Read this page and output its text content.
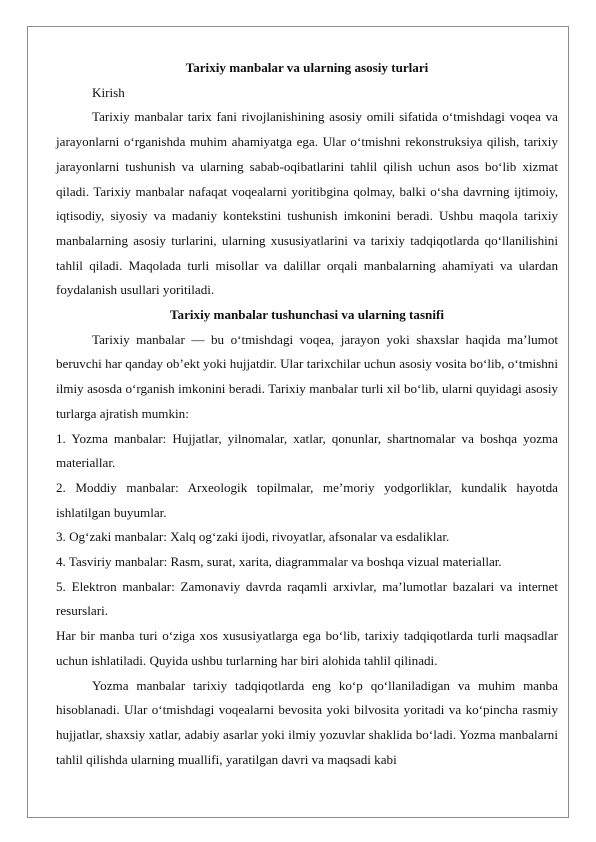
Tarixiy manbalar va ularning asosiy turlari

Kirish

Tarixiy manbalar tarix fani rivojlanishining asosiy omili sifatida o‘tmishdagi voqea va jarayonlarni o‘rganishda muhim ahamiyatga ega. Ular o‘tmishni rekonstruksiya qilish, tarixiy jarayonlarni tushunish va ularning sabab-oqibatlarini tahlil qilish uchun asos bo‘lib xizmat qiladi. Tarixiy manbalar nafaqat voqealarni yoritibgina qolmay, balki o‘sha davrning ijtimoiy, iqtisodiy, siyosiy va madaniy kontekstini tushunish imkonini beradi. Ushbu maqola tarixiy manbalarning asosiy turlarini, ularning xususiyatlarini va tarixiy tadqiqotlarda qo‘llanilishini tahlil qiladi. Maqolada turli misollar va dalillar orqali manbalarning ahamiyati va ulardan foydalanish usullari yoritiladi.

Tarixiy manbalar tushunchasi va ularning tasnifi

Tarixiy manbalar — bu o‘tmishdagi voqea, jarayon yoki shaxslar haqida ma’lumot beruvchi har qanday ob’ekt yoki hujjatdir. Ular tarixchilar uchun asosiy vosita bo‘lib, o‘tmishni ilmiy asosda o‘rganish imkonini beradi. Tarixiy manbalar turli xil bo‘lib, ularni quyidagi asosiy turlarga ajratish mumkin:

1. Yozma manbalar: Hujjatlar, yilnomalar, xatlar, qonunlar, shartnomalar va boshqa yozma materiallar.

2. Moddiy manbalar: Arxeologik topilmalar, me’moriy yodgorliklar, kundalik hayotda ishlatilgan buyumlar.

3. Og‘zaki manbalar: Xalq og‘zaki ijodi, rivoyatlar, afsonalar va esdaliklar.

4. Tasviriy manbalar: Rasm, surat, xarita, diagrammalar va boshqa vizual materiallar.

5. Elektron manbalar: Zamonaviy davrda raqamli arxivlar, ma’lumotlar bazalari va internet resurslari.

Har bir manba turi o‘ziga xos xususiyatlarga ega bo‘lib, tarixiy tadqiqotlarda turli maqsadlar uchun ishlatiladi. Quyida ushbu turlarning har biri alohida tahlil qilinadi.

Yozma manbalar tarixiy tadqiqotlarda eng ko‘p qo‘llaniladigan va muhim manba hisoblanadi. Ular o‘tmishdagi voqealarni bevosita yoki bilvosita yoritadi va ko‘pincha rasmiy hujjatlar, shaxsiy xatlar, adabiy asarlar yoki ilmiy yozuvlar shaklida bo‘ladi. Yozma manbalarni tahlil qilishda ularning muallifi, yaratilgan davri va maqsadi kabi
